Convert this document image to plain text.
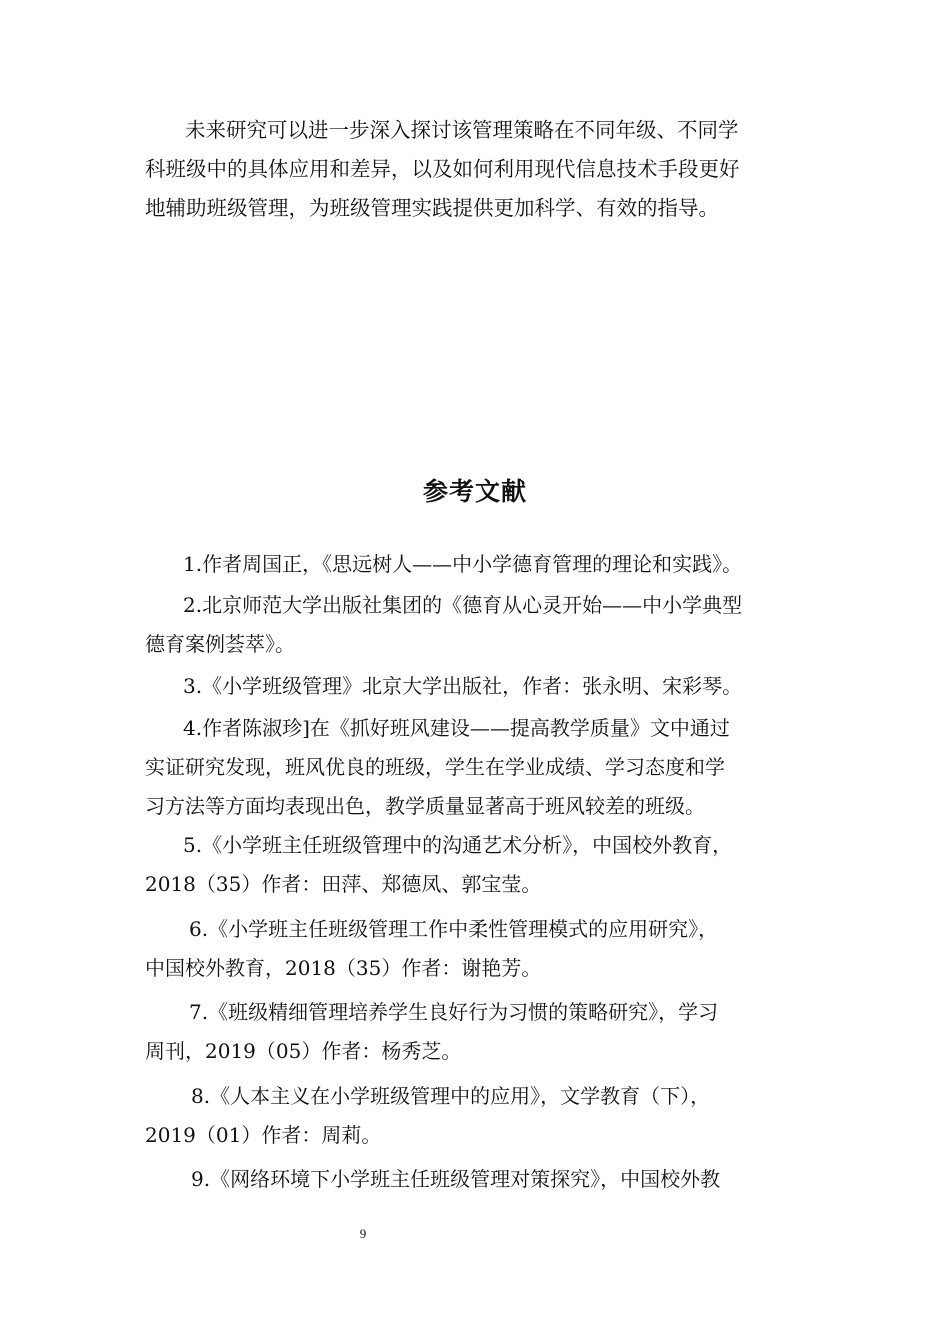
未来研究可以进一步深入探讨该管理策略在不同年级、不同学
科班级中的具体应用和差异，以及如何利用现代信息技术手段更好
地辅助班级管理，为班级管理实践提供更加科学、有效的指导。

参考文献

1.作者周国正，《思远树人——中小学德育管理的理论和实践》。

2.北京师范大学出版社集团的《德育从心灵开始——中小学典型
德育案例荟萃》。

3.《小学班级管理》北京大学出版社，作者：张永明、宋彩琴。

4.作者陈淑珍]在《抓好班风建设——提高教学质量》文中通过
实证研究发现，班风优良的班级，学生在学业成绩、学习态度和学
习方法等方面均表现出色，教学质量显著高于班风较差的班级。

5.《小学班主任班级管理中的沟通艺术分析》，中国校外教育，
2018（35）作者：田萍、郑德凤、郭宝莹。

6.《小学班主任班级管理工作中柔性管理模式的应用研究》，
中国校外教育，2018（35）作者：谢艳芳。

7.《班级精细管理培养学生良好行为习惯的策略研究》，学习
周刊，2019（05）作者：杨秀芝。

8.《人本主义在小学班级管理中的应用》，文学教育（下），
2019（01）作者：周莉。

9.《网络环境下小学班主任班级管理对策探究》，中国校外教

9
